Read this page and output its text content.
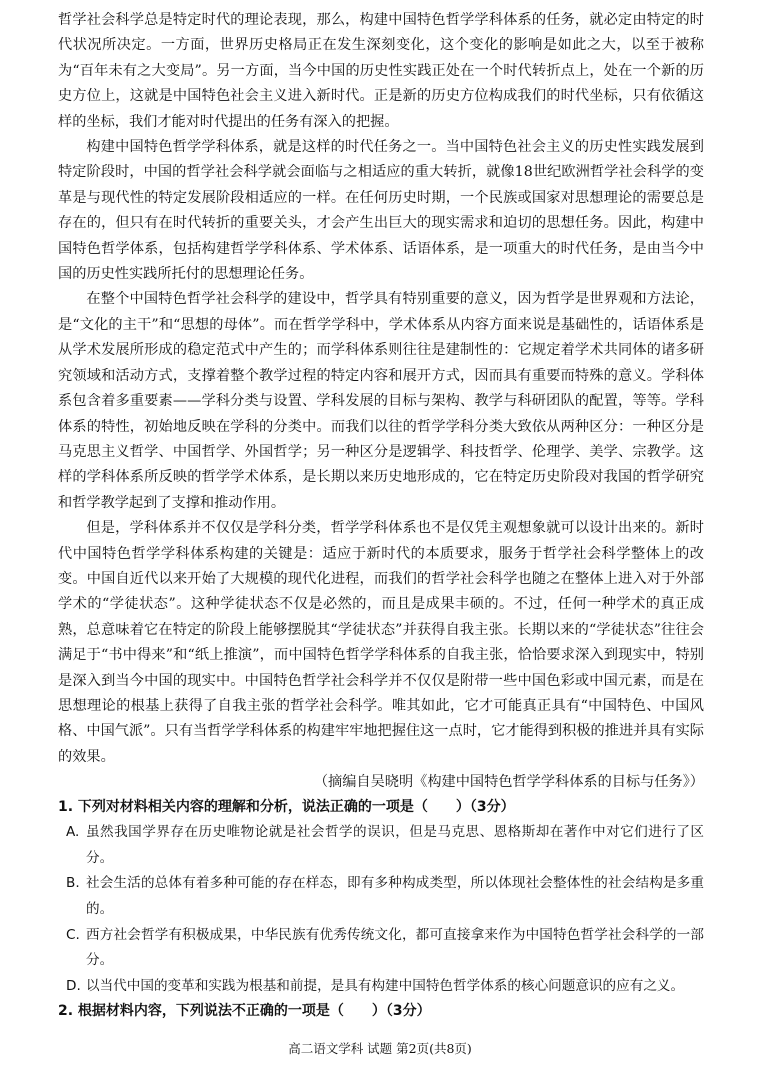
哲学社会科学总是特定时代的理论表现，那么，构建中国特色哲学学科体系的任务，就必定由特定的时代状况所决定。一方面，世界历史格局正在发生深刻变化，这个变化的影响是如此之大，以至于被称为“百年未有之大变局”。另一方面，当今中国的历史性实践正处在一个时代转折点上，处在一个新的历史方位上，这就是中国特色社会主义进入新时代。正是新的历史方位构成我们的时代坐标，只有依循这样的坐标，我们才能对时代提出的任务有深入的把握。

构建中国特色哲学学科体系，就是这样的时代任务之一。当中国特色社会主义的历史性实践发展到特定阶段时，中国的哲学社会科学就会面临与之相适应的重大转折，就像18世纪欧洲哲学社会科学的变革是与现代性的特定发展阶段相适应的一样。在任何历史时期，一个民族或国家对思想理论的需要总是存在的，但只有在时代转折的重要关头，才会产生出巨大的现实需求和迫切的思想任务。因此，构建中国特色哲学体系，包括构建哲学学科体系、学术体系、话语体系，是一项重大的时代任务，是由当今中国的历史性实践所托付的思想理论任务。

在整个中国特色哲学社会科学的建设中，哲学具有特别重要的意义，因为哲学是世界观和方法论，是“文化的主干”和“思想的母体”。而在哲学学科中，学术体系从内容方面来说是基础性的，话语体系是从学术发展所形成的稳定范式中产生的；而学科体系则往往是建制性的：它规定着学术共同体的诸多研究领域和活动方式，支撑着整个教学过程的特定内容和展开方式，因而具有重要而特殊的意义。学科体系包含着多重要素——学科分类与设置、学科发展的目标与架构、教学与科研团队的配置，等等。学科体系的特性，初始地反映在学科的分类中。而我们以往的哲学学科分类大致依从两种区分：一种区分是马克思主义哲学、中国哲学、外国哲学；另一种区分是逻辑学、科技哲学、伦理学、美学、宗教学。这样的学科体系所反映的哲学学术体系，是长期以来历史地形成的，它在特定历史阶段对我国的哲学研究和哲学教学起到了支撑和推动作用。

但是，学科体系并不仅仅是学科分类，哲学学科体系也不是仅凭主观想象就可以设计出来的。新时代中国特色哲学学科体系构建的关键是：适应于新时代的本质要求，服务于哲学社会科学整体上的改变。中国自近代以来开始了大规模的现代化进程，而我们的哲学社会科学也随之在整体上进入对于外部学术的“学徒状态”。这种学徒状态不仅是必然的，而且是成果丰硕的。不过，任何一种学术的真正成熟，总意味着它在特定的阶段上能够摆脱其“学徒状态”并获得自我主张。长期以来的“学徒状态”往往会满足于“书中得来”和“纸上推演”，而中国特色哲学学科体系的自我主张，恰恰要求深入到现实中，特别是深入到当今中国的现实中。中国特色哲学社会科学并不仅仅是附带一些中国色彩或中国元素，而是在思想理论的根基上获得了自我主张的哲学社会科学。唯其如此，它才可能真正具有“中国特色、中国风格、中国气派”。只有当哲学学科体系的构建牢牢地把握住这一点时，它才能得到积极的推进并具有实际的效果。

（摘编自吴晓明《构建中国特色哲学学科体系的目标与任务》）

1. 下列对材料相关内容的理解和分析，说法正确的一项是（　　）（3分）

A. 虽然我国学界存在历史唯物论就是社会哲学的误识，但是马克思、恩格斯却在著作中对它们进行了区分。
B. 社会生活的总体有着多种可能的存在样态，即有多种构成类型，所以体现社会整体性的社会结构是多重的。
C. 西方社会哲学有积极成果，中华民族有优秀传统文化，都可直接拿来作为中国特色哲学社会科学的一部分。
D. 以当代中国的变革和实践为根基和前提，是具有构建中国特色哲学体系的核心问题意识的应有之义。

2. 根据材料内容，下列说法不正确的一项是（　　）（3分）

高二语文学科 试题 第2页(共8页)
